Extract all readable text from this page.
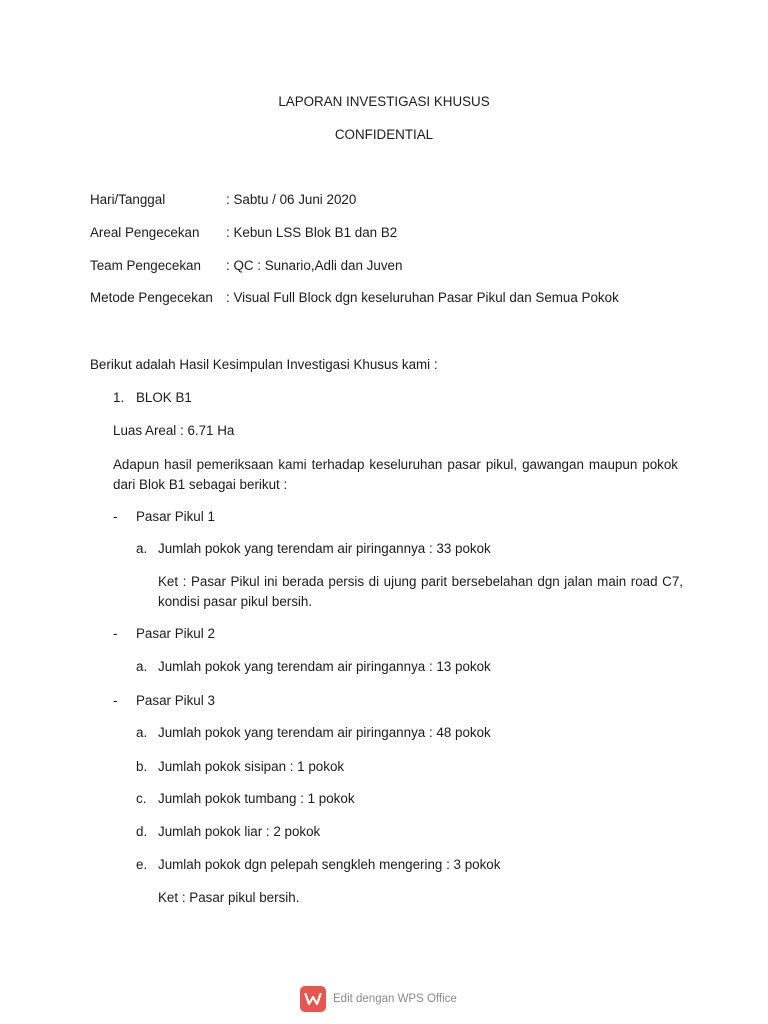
LAPORAN INVESTIGASI KHUSUS
CONFIDENTIAL
Hari/Tanggal	: Sabtu / 06 Juni 2020
Areal Pengecekan : Kebun LSS Blok B1 dan B2
Team Pengecekan : QC : Sunario,Adli dan Juven
Metode Pengecekan : Visual Full Block dgn keseluruhan Pasar Pikul dan Semua Pokok
Berikut adalah Hasil Kesimpulan Investigasi Khusus kami :
1. BLOK B1
Luas Areal : 6.71 Ha
Adapun hasil pemeriksaan kami terhadap keseluruhan pasar pikul, gawangan maupun pokok dari Blok B1 sebagai berikut :
- Pasar Pikul 1
a. Jumlah pokok yang terendam air piringannya : 33 pokok
Ket : Pasar Pikul ini berada persis di ujung parit bersebelahan dgn jalan main road C7, kondisi pasar pikul bersih.
- Pasar Pikul 2
a. Jumlah pokok yang terendam air piringannya : 13 pokok
- Pasar Pikul 3
a. Jumlah pokok yang terendam air piringannya : 48 pokok
b. Jumlah pokok sisipan : 1 pokok
c. Jumlah pokok tumbang : 1 pokok
d. Jumlah pokok liar : 2 pokok
e. Jumlah pokok dgn pelepah sengkleh mengering : 3 pokok
Ket : Pasar pikul bersih.
Edit dengan WPS Office
